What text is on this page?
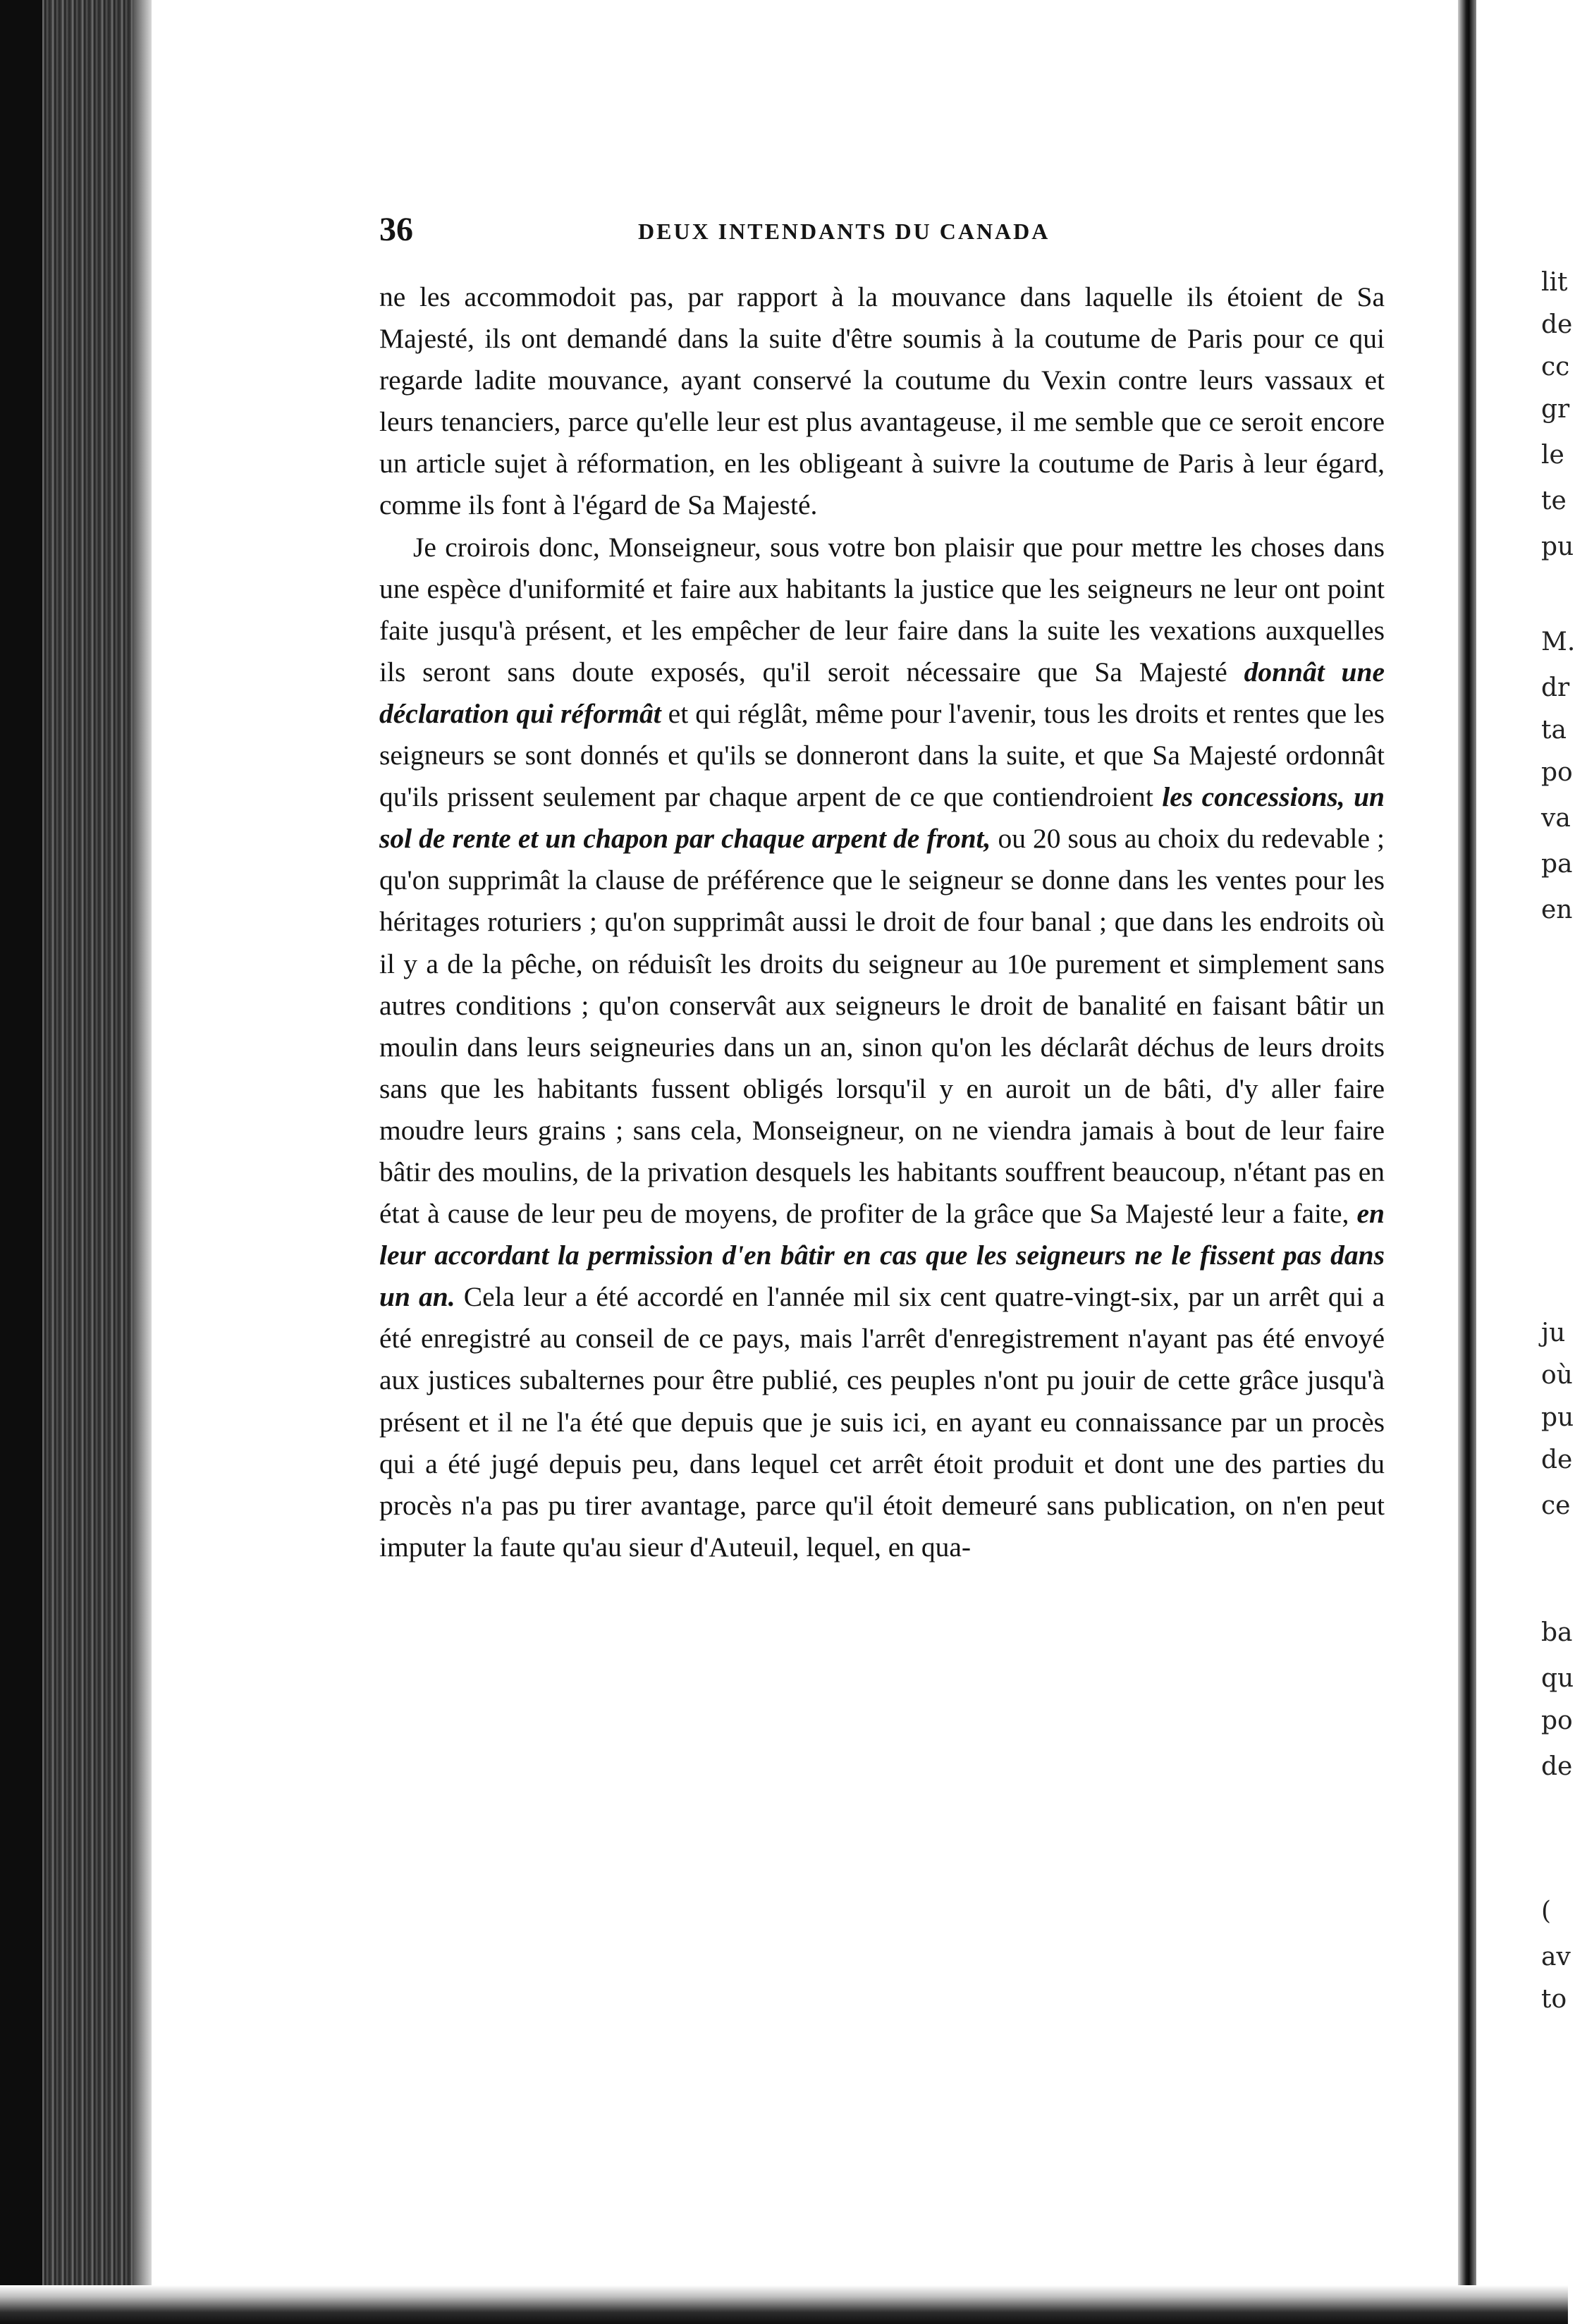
lit
de
cc
gr
le
te
pu
M.
dr
ta
po
va
pa
en
ju
où
pu
de
ce
ba
qu
po
de
(
av
to
36	DEUX INTENDANTS DU CANADA

ne les accommodoit pas, par rapport à la mouvance dans laquelle ils étoient de Sa Majesté, ils ont demandé dans la suite d'être soumis à la coutume de Paris pour ce qui regarde ladite mouvance, ayant conservé la coutume du Vexin contre leurs vassaux et leurs tenanciers, parce qu'elle leur est plus avantageuse, il me semble que ce seroit encore un article sujet à réformation, en les obligeant à suivre la coutume de Paris à leur égard, comme ils font à l'égard de Sa Majesté.

Je croirois donc, Monseigneur, sous votre bon plaisir que pour mettre les choses dans une espèce d'uniformité et faire aux habitants la justice que les seigneurs ne leur ont point faite jusqu'à présent, et les empêcher de leur faire dans la suite les vexations auxquelles ils seront sans doute exposés, qu'il seroit nécessaire que Sa Majesté donnât une déclaration qui réformât et qui réglât, même pour l'avenir, tous les droits et rentes que les seigneurs se sont donnés et qu'ils se donneront dans la suite, et que Sa Majesté ordonnât qu'ils prissent seulement par chaque arpent de ce que contiendroient les concessions, un sol de rente et un chapon par chaque arpent de front, ou 20 sous au choix du redevable ; qu'on supprimât la clause de préférence que le seigneur se donne dans les ventes pour les héritages roturiers ; qu'on supprimât aussi le droit de four banal ; que dans les endroits où il y a de la pêche, on réduisît les droits du seigneur au 10e purement et simplement sans autres conditions ; qu'on conservât aux seigneurs le droit de banalité en faisant bâtir un moulin dans leurs seigneuries dans un an, sinon qu'on les déclarât déchus de leurs droits sans que les habitants fussent obligés lorsqu'il y en auroit un de bâti, d'y aller faire moudre leurs grains ; sans cela, Monseigneur, on ne viendra jamais à bout de leur faire bâtir des moulins, de la privation desquels les habitants souffrent beaucoup, n'étant pas en état à cause de leur peu de moyens, de profiter de la grâce que Sa Majesté leur a faite, en leur accordant la permission d'en bâtir en cas que les seigneurs ne le fissent pas dans un an. Cela leur a été accordé en l'année mil six cent quatre-vingt-six, par un arrêt qui a été enregistré au conseil de ce pays, mais l'arrêt d'enregistrement n'ayant pas été envoyé aux justices subalternes pour être publié, ces peuples n'ont pu jouir de cette grâce jusqu'à présent et il ne l'a été que depuis que je suis ici, en ayant eu connaissance par un procès qui a été jugé depuis peu, dans lequel cet arrêt étoit produit et dont une des parties du procès n'a pas pu tirer avantage, parce qu'il étoit demeuré sans publication, on n'en peut imputer la faute qu'au sieur d'Auteuil, lequel, en qua-
